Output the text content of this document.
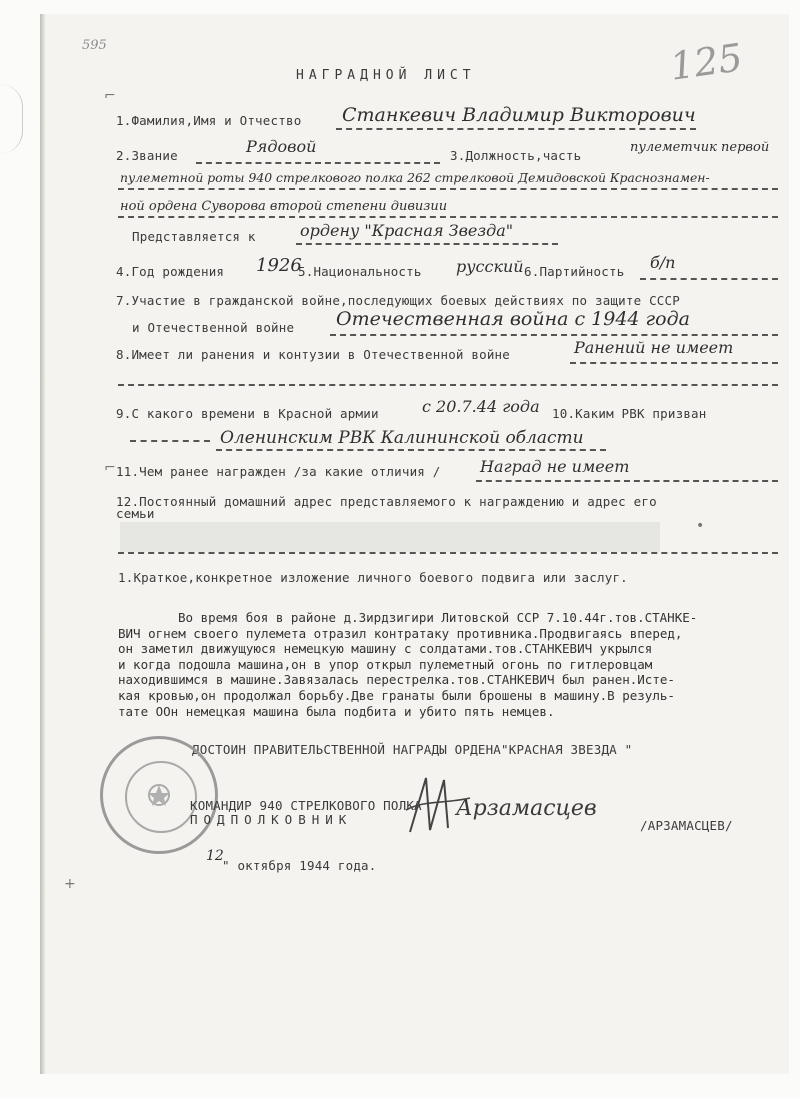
595	125
НАГРАДНОЙ ЛИСТ
1.Фамилия,Имя и Отчество Станкевич Владимир Викторович
2.Звание	Рядовой	3.Должность,часть
пулеметчик первой
пулеметной роты 940 стрелкового полка 262 стрелковой Демидовской Краснознамен-
ной ордена Суворова второй степени дивизии
Представляется к	ордену "Красная Звезда"
4.Год рождения 1926
5.Национальность русский 6.Партийность б/п
7.Участие в гражданской войне,последующих боевых действиях по защите СССР
и Отечественной войне Отечественная война с 1944 года
8.Имеет ли ранения и контузии в Отечественной войне	Ранений не имеет
9.С какого времени в Красной армии	с 20.7.44 года 10.Каким РВК призван
Оленинским РВК Калининской области
11.Чем ранее награжден /за какие отличия / Наград не имеет
12.Постоянный домашний адрес представляемого к награждению и адрес его
семьи
1.Краткое,конкретное изложение личного боевого подвига или заслуг.
Во время боя в районе д.Зирдзигири Литовской ССР 7.10.44г.тов.СТАНКЕ-
ВИЧ огнем своего пулемета отразил контратаку противника.Продвигаясь вперед,
он заметил движущуюся немецкую машину с солдатами.тов.СТАНКЕВИЧ укрылся
и когда подошла машина,он в упор открыл пулеметный огонь по гитлеровцам
находившимся в машине.Завязалась перестрелка.тов.СТАНКЕВИЧ был ранен.Исте-
кая кровью,он продолжал борьбу.Две гранаты были брошены в машину.В резуль-
тате ООн немецкая машина была подбита и убито пять немцев.
ДОСТОИН ПРАВИТЕЛЬСТВЕННОЙ НАГРАДЫ ОРДЕНА"КРАСНАЯ ЗВЕЗДА "
КОМАНДИР 940 СТРЕЛКОВОГО ПОЛКА
ПОДПОЛКОВНИК	Арзамасцев
/АРЗАМАСЦЕВ/
12
" октября 1944 года.
⌐
⌐
+
•
